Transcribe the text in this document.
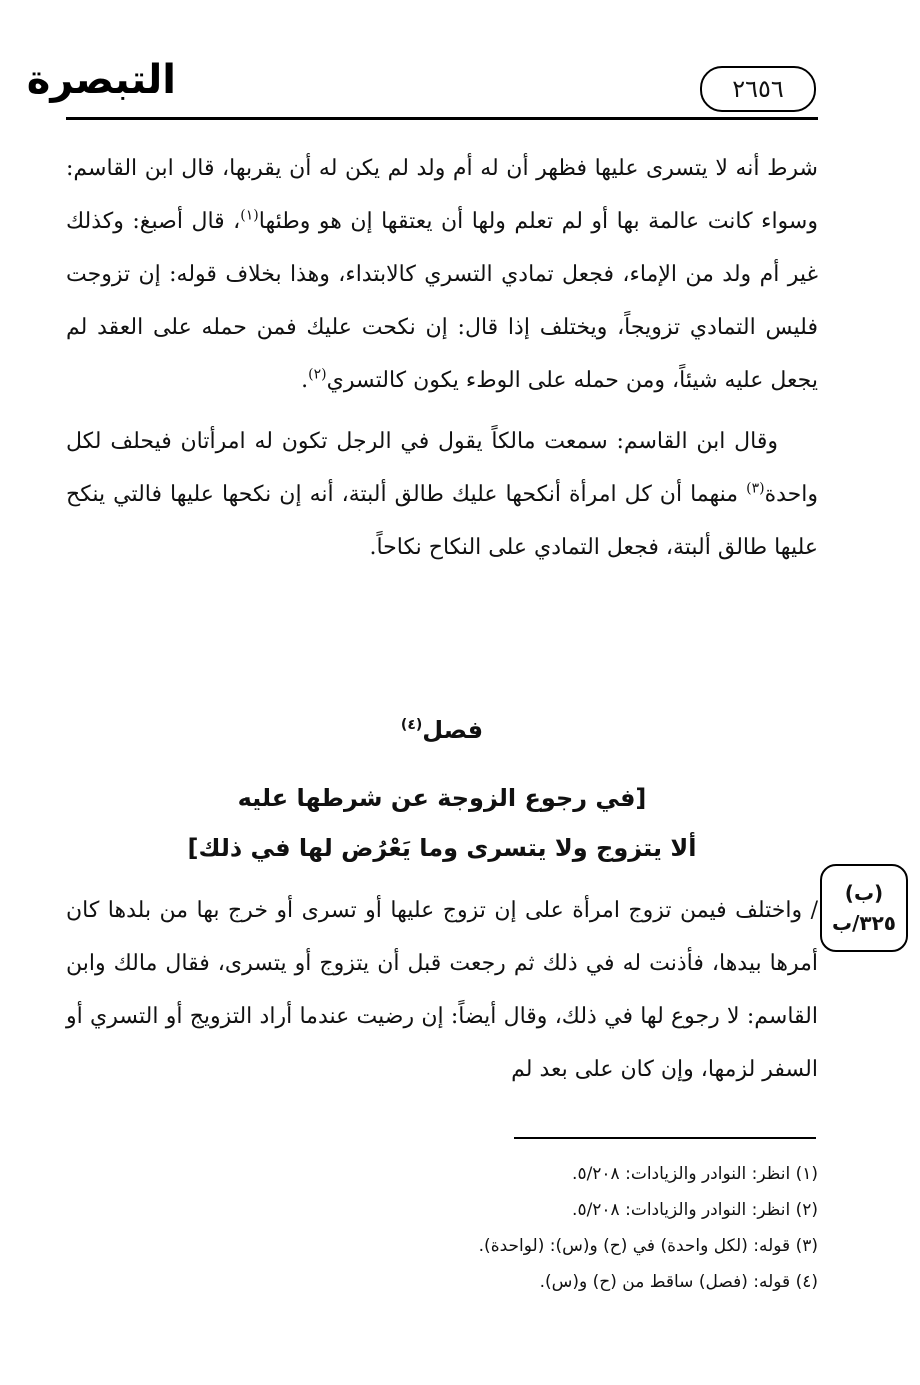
التبصرة	٢٦٥٦

شرط أنه لا يتسرى عليها فظهر أن له أم ولد لم يكن له أن يقربها، قال ابن القاسم: وسواء كانت عالمة بها أو لم تعلم ولها أن يعتقها إن هو وطئها$^{(١)}$، قال أصبغ: وكذلك غير أم ولد من الإماء، فجعل تمادي التسري كالابتداء، وهذا بخلاف قوله: إن تزوجت فليس التمادي تزويجاً، ويختلف إذا قال: إن نكحت عليك فمن حمله على العقد لم يجعل عليه شيئاً، ومن حمله على الوطء يكون كالتسري$^{(٢)}$.

وقال ابن القاسم: سمعت مالكاً يقول في الرجل تكون له امرأتان فيحلف لكل واحدة$^{(٣)}$ منهما أن كل امرأة أنكحها عليك طالق ألبتة، أنه إن نكحها عليها فالتي ينكح عليها طالق ألبتة، فجعل التمادي على النكاح نكاحاً.

فصل$^{(٤)}$
[في رجوع الزوجة عن شرطها عليه
ألا يتزوج ولا يتسرى وما يَعْرُض لها في ذلك]
(ب)
٣٢٥/ب

/ واختلف فيمن تزوج امرأة على إن تزوج عليها أو تسرى أو خرج بها من بلدها كان أمرها بيدها، فأذنت له في ذلك ثم رجعت قبل أن يتزوج أو يتسرى، فقال مالك وابن القاسم: لا رجوع لها في ذلك، وقال أيضاً: إن رضيت عندما أراد التزويج أو التسري أو السفر لزمها، وإن كان على بعد لم

(١) انظر: النوادر والزيادات: ٥/٢٠٨.

(٢) انظر: النوادر والزيادات: ٥/٢٠٨.

(٣) قوله: (لكل واحدة) في (ح) و(س): (لواحدة).

(٤) قوله: (فصل) ساقط من (ح) و(س).
